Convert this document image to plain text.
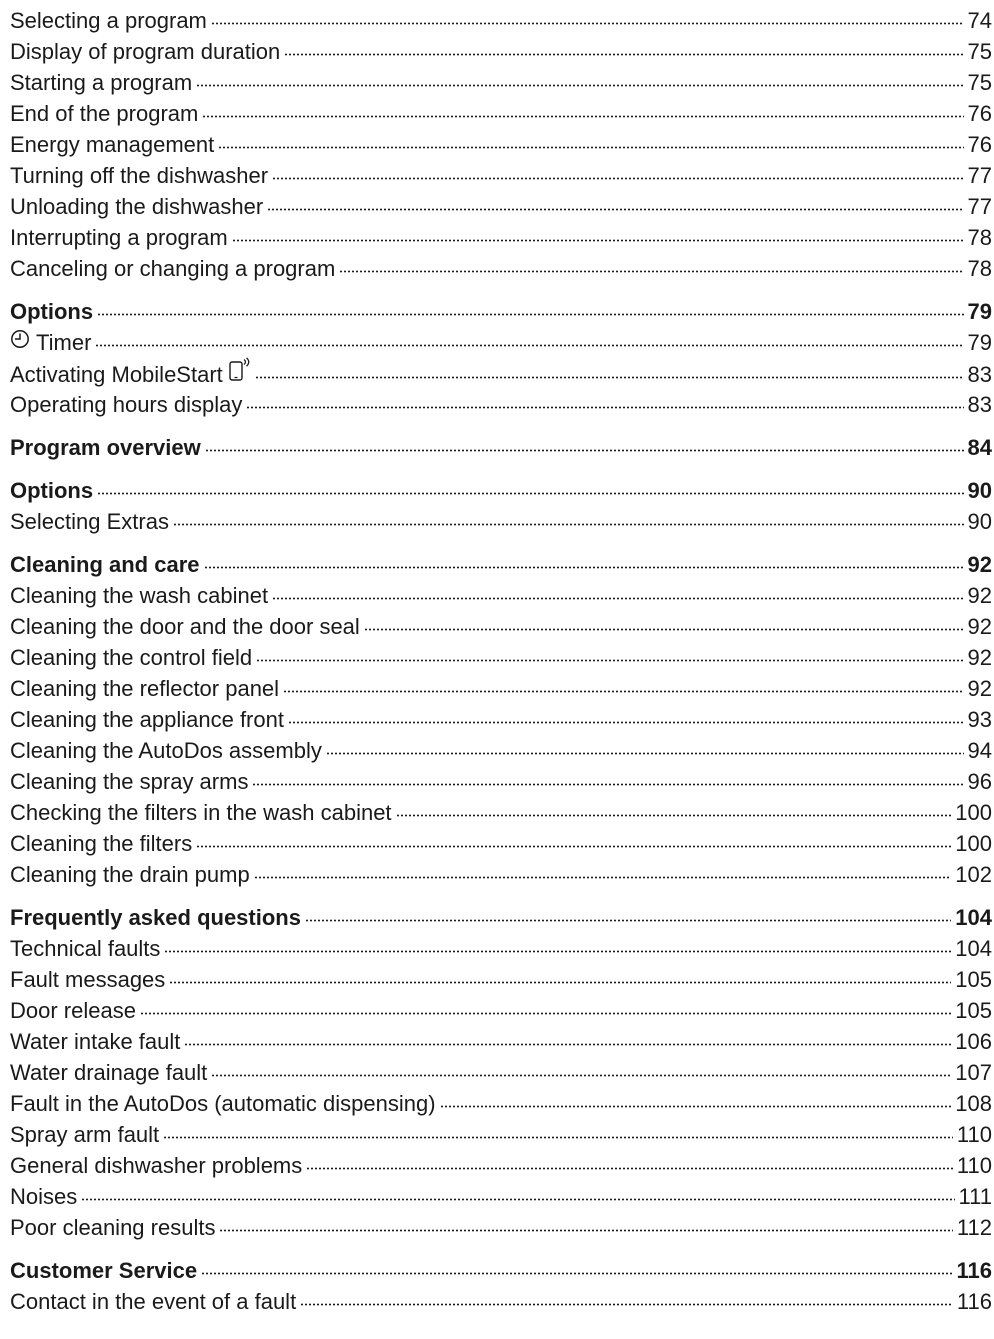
Selecting a program	74
Display of program duration	75
Starting a program	75
End of the program	76
Energy management	76
Turning off the dishwasher	77
Unloading the dishwasher	77
Interrupting a program	78
Canceling or changing a program	78
Options	79
Timer	79
Activating MobileStart	83
Operating hours display	83
Program overview	84
Options	90
Selecting Extras	90
Cleaning and care	92
Cleaning the wash cabinet	92
Cleaning the door and the door seal	92
Cleaning the control field	92
Cleaning the reflector panel	92
Cleaning the appliance front	93
Cleaning the AutoDos assembly	94
Cleaning the spray arms	96
Checking the filters in the wash cabinet	100
Cleaning the filters	100
Cleaning the drain pump	102
Frequently asked questions	104
Technical faults	104
Fault messages	105
Door release	105
Water intake fault	106
Water drainage fault	107
Fault in the AutoDos (automatic dispensing)	108
Spray arm fault	110
General dishwasher problems	110
Noises	111
Poor cleaning results	112
Customer Service	116
Contact in the event of a fault	116
